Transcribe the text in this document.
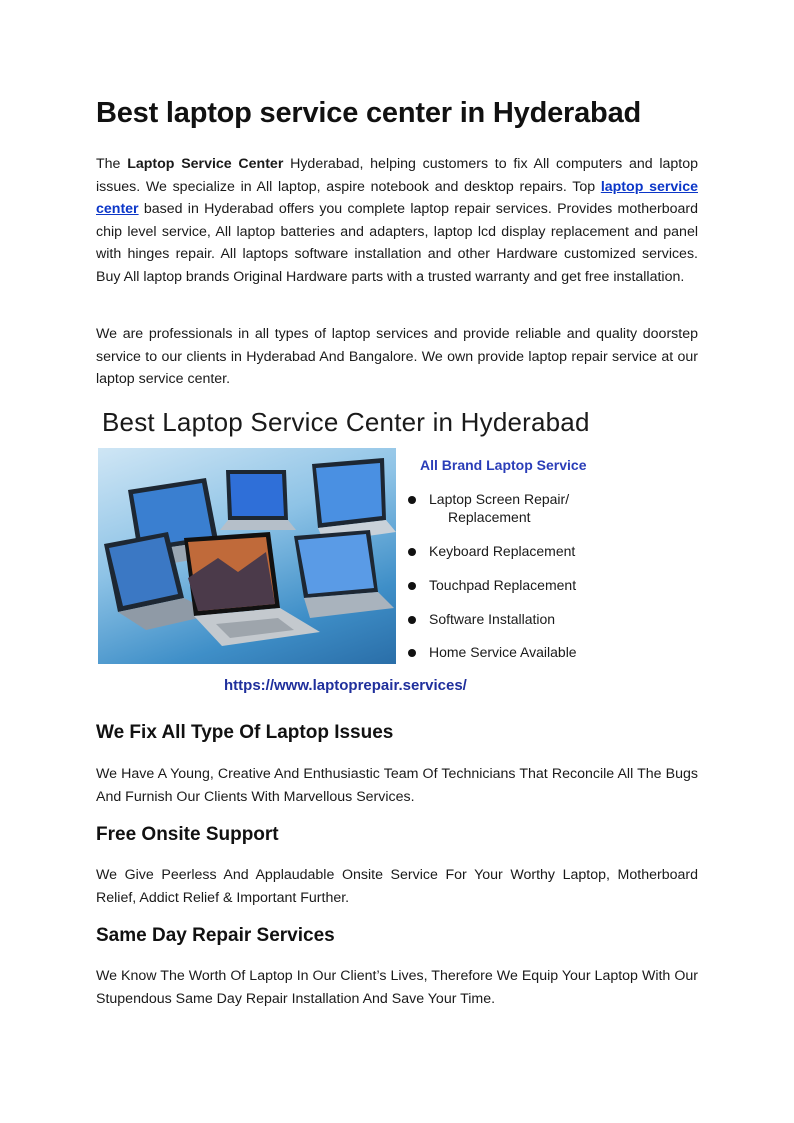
Best laptop service center in Hyderabad

The Laptop Service Center Hyderabad, helping customers to fix All computers and laptop issues. We specialize in All laptop, aspire notebook and desktop repairs. Top laptop service center based in Hyderabad offers you complete laptop repair services. Provides motherboard chip level service, All laptop batteries and adapters, laptop lcd display replacement and panel with hinges repair. All laptops software installation and other Hardware customized services. Buy All laptop brands Original Hardware parts with a trusted warranty and get free installation.

We are professionals in all types of laptop services and provide reliable and quality doorstep service to our clients in Hyderabad And Bangalore. We own provide laptop repair service at our laptop service center.

Best Laptop Service Center in Hyderabad
All Brand Laptop Service
Laptop Screen Repair/
Replacement
Keyboard Replacement
Touchpad Replacement
Software Installation
Home Service Available
https://www.laptoprepair.services/
We Fix All Type Of Laptop Issues

We Have A Young, Creative And Enthusiastic Team Of Technicians That Reconcile All The Bugs And Furnish Our Clients With Marvellous Services.

Free Onsite Support

We Give Peerless And Applaudable Onsite Service For Your Worthy Laptop, Motherboard Relief, Addict Relief & Important Further.

Same Day Repair Services

We Know The Worth Of Laptop In Our Client’s Lives, Therefore We Equip Your Laptop With Our Stupendous Same Day Repair Installation And Save Your Time.
